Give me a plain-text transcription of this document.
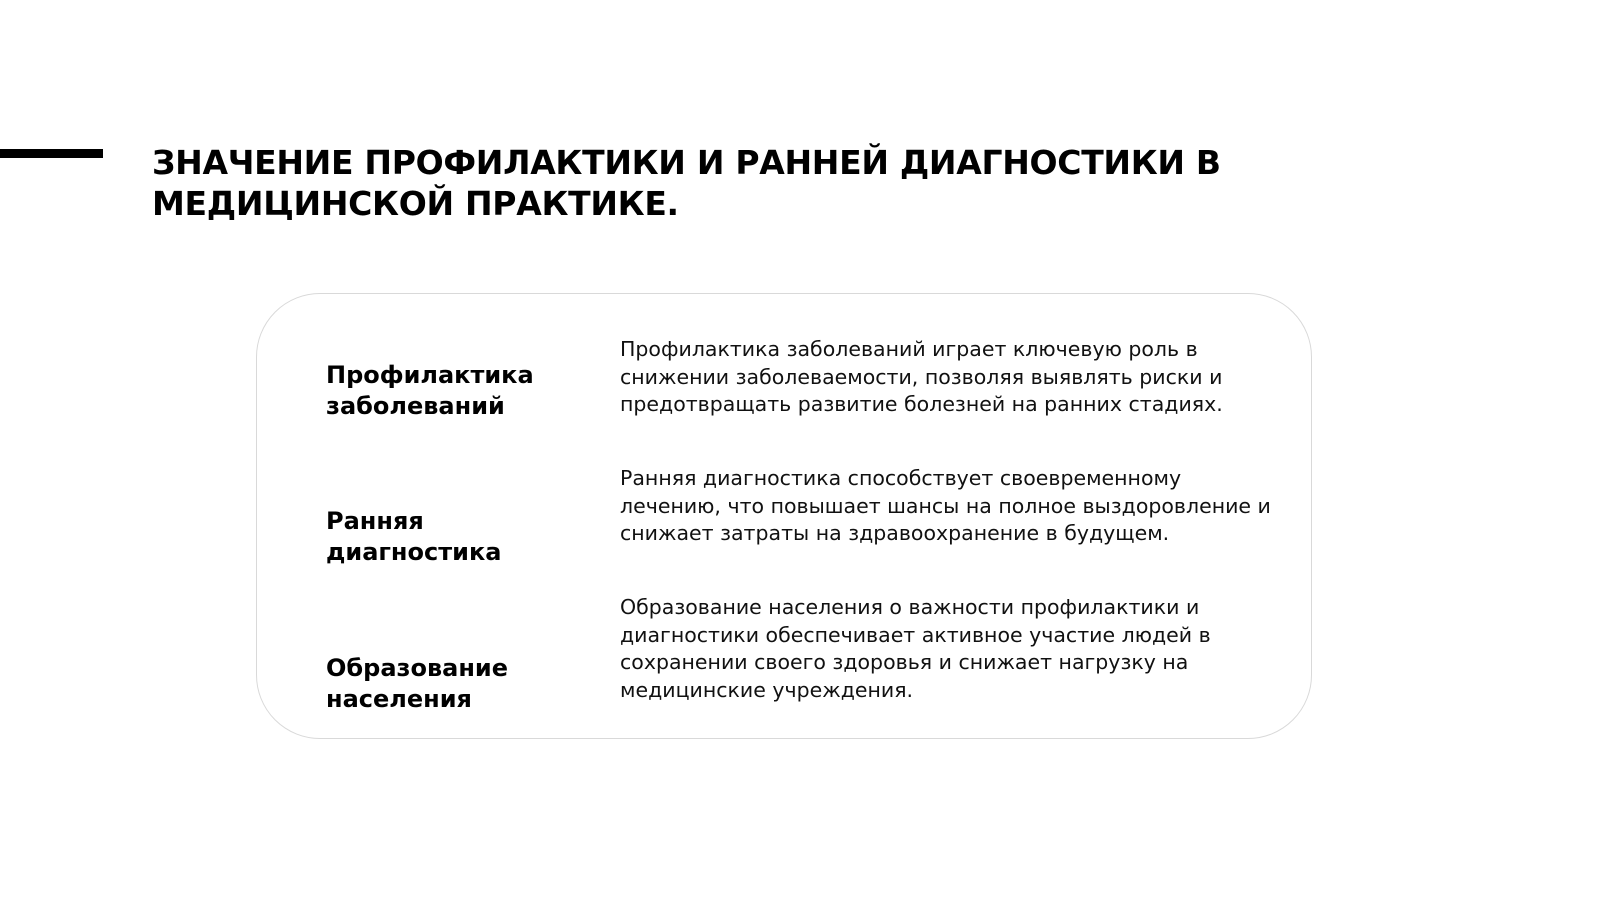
ЗНАЧЕНИЕ ПРОФИЛАКТИКИ И РАННЕЙ ДИАГНОСТИКИ В МЕДИЦИНСКОЙ ПРАКТИКЕ.
Профилактика заболеваний
Профилактика заболеваний играет ключевую роль в снижении заболеваемости, позволяя выявлять риски и предотвращать развитие болезней на ранних стадиях.
Ранняя диагностика
Ранняя диагностика способствует своевременному лечению, что повышает шансы на полное выздоровление и снижает затраты на здравоохранение в будущем.
Образование населения
Образование населения о важности профилактики и диагностики обеспечивает активное участие людей в сохранении своего здоровья и снижает нагрузку на медицинские учреждения.
